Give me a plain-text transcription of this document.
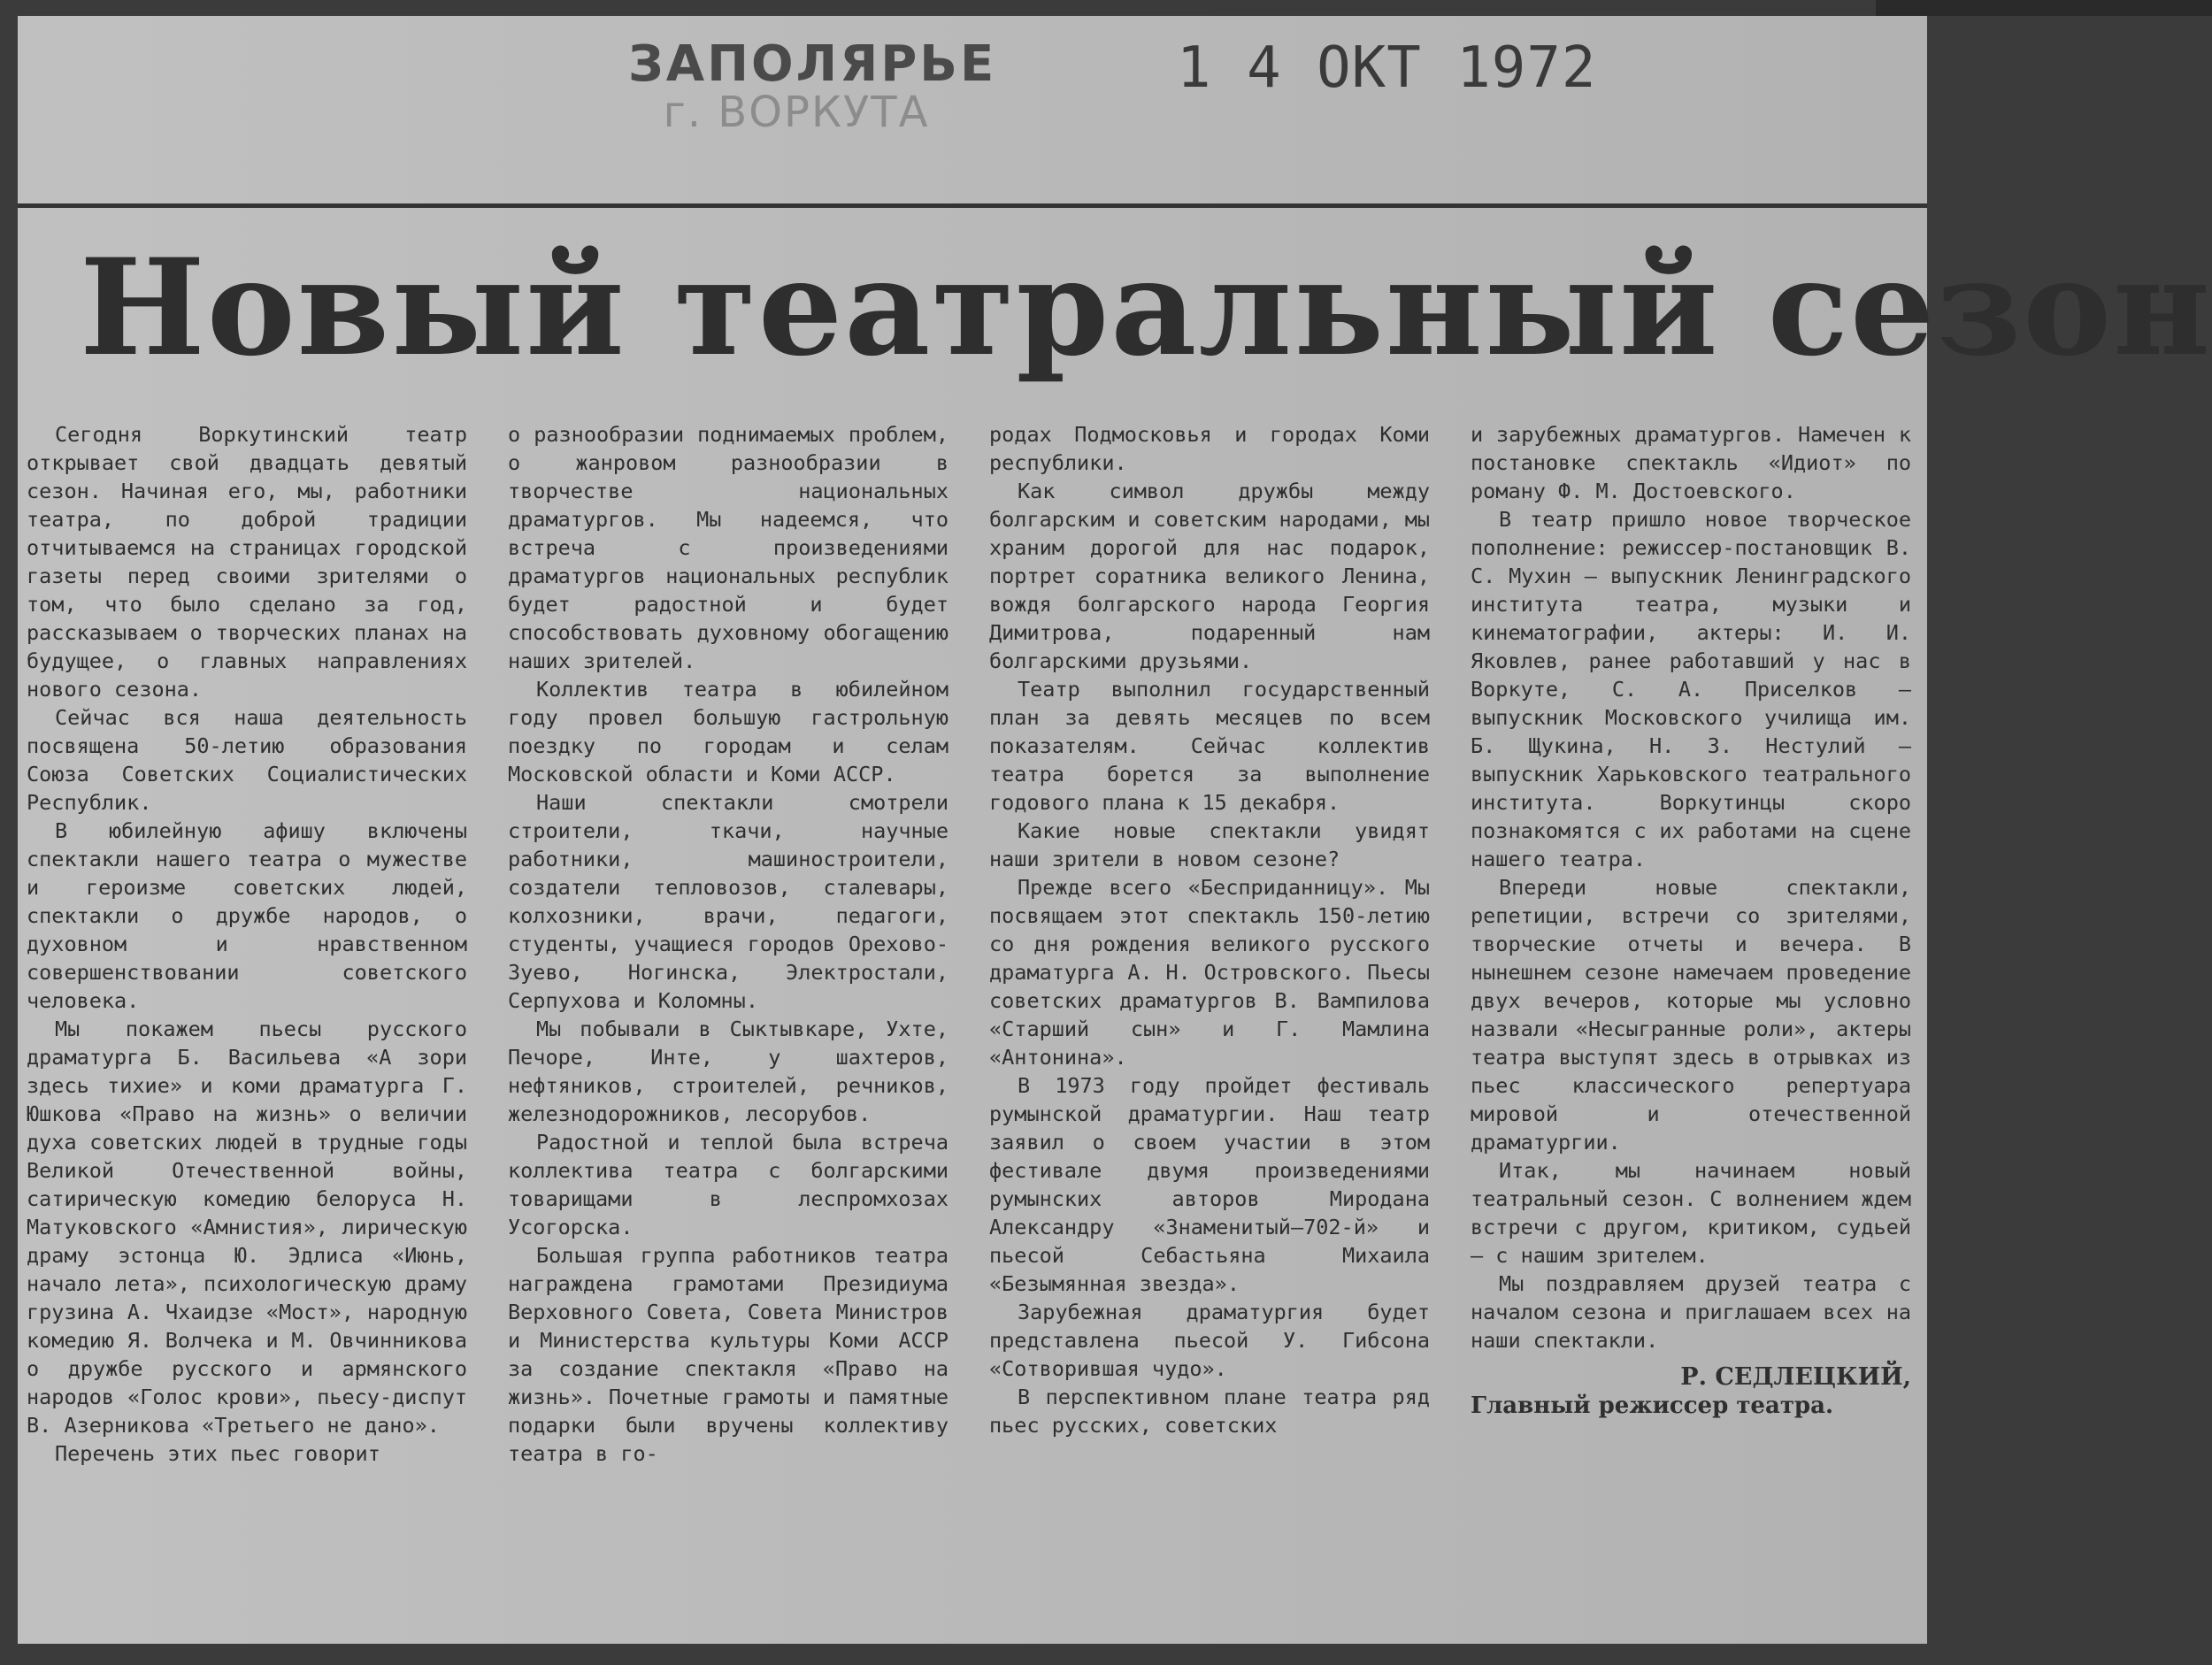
ЗАПОЛЯРЬЕ
г. ВОРКУТА
1 4 ОКТ 1972
Новый театральный сезон

Сегодня Воркутинский театр открывает свой двадцать девятый сезон. Начиная его, мы, работники театра, по доброй традиции отчитываемся на страницах городской газеты перед своими зрителями о том, что было сделано за год, рассказываем о творческих планах на будущее, о главных направлениях нового сезона.

Сейчас вся наша деятельность посвящена 50-летию образования Союза Советских Социалистических Республик.

В юбилейную афишу включены спектакли нашего театра о мужестве и героизме советских людей, спектакли о дружбе народов, о духовном и нравственном совершенствовании советского человека.

Мы покажем пьесы русского драматурга Б. Васильева «А зори здесь тихие» и коми драматурга Г. Юшкова «Право на жизнь» о величии духа советских людей в трудные годы Великой Отечественной войны, сатирическую комедию белоруса Н. Матуковского «Амнистия», лирическую драму эстонца Ю. Эдлиса «Июнь, начало лета», психологическую драму грузина А. Чхаидзе «Мост», народную комедию Я. Волчека и М. Овчинникова о дружбе русского и армянского народов «Голос крови», пьесу-диспут В. Азерникова «Третьего не дано».

Перечень этих пьес говорит

о разнообразии поднимаемых проблем, о жанровом разнообразии в творчестве национальных драматургов. Мы надеемся, что встреча с произведениями драматургов национальных республик будет радостной и будет способствовать духовному обогащению наших зрителей.

Коллектив театра в юбилейном году провел большую гастрольную поездку по городам и селам Московской области и Коми АССР.

Наши спектакли смотрели строители, ткачи, научные работники, машиностроители, создатели тепловозов, сталевары, колхозники, врачи, педагоги, студенты, учащиеся городов Орехово-Зуево, Ногинска, Электростали, Серпухова и Коломны.

Мы побывали в Сыктывкаре, Ухте, Печоре, Инте, у шахтеров, нефтяников, строителей, речников, железнодорожников, лесорубов.

Радостной и теплой была встреча коллектива театра с болгарскими товарищами в леспромхозах Усогорска.

Большая группа работников театра награждена грамотами Президиума Верховного Совета, Совета Министров и Министерства культуры Коми АССР за создание спектакля «Право на жизнь». Почетные грамоты и памятные подарки были вручены коллективу театра в го-

родах Подмосковья и городах Коми республики.

Как символ дружбы между болгарским и советским народами, мы храним дорогой для нас подарок, портрет соратника великого Ленина, вождя болгарского народа Георгия Димитрова, подаренный нам болгарскими друзьями.

Театр выполнил государственный план за девять месяцев по всем показателям. Сейчас коллектив театра борется за выполнение годового плана к 15 декабря.

Какие новые спектакли увидят наши зрители в новом сезоне?

Прежде всего «Бесприданницу». Мы посвящаем этот спектакль 150-летию со дня рождения великого русского драматурга А. Н. Островского. Пьесы советских драматургов В. Вампилова «Старший сын» и Г. Мамлина «Антонина».

В 1973 году пройдет фестиваль румынской драматургии. Наш театр заявил о своем участии в этом фестивале двумя произведениями румынских авторов Миродана Александру «Знаменитый—702-й» и пьесой Себастьяна Михаила «Безымянная звезда».

Зарубежная драматургия будет представлена пьесой У. Гибсона «Сотворившая чудо».

В перспективном плане театра ряд пьес русских, советских

и зарубежных драматургов. Намечен к постановке спектакль «Идиот» по роману Ф. М. Достоевского.

В театр пришло новое творческое пополнение: режиссер-постановщик В. С. Мухин — выпускник Ленинградского института театра, музыки и кинематографии, актеры: И. И. Яковлев, ранее работавший у нас в Воркуте, С. А. Приселков — выпускник Московского училища им. Б. Щукина, Н. З. Нестулий — выпускник Харьковского театрального института. Воркутинцы скоро познакомятся с их работами на сцене нашего театра.

Впереди новые спектакли, репетиции, встречи со зрителями, творческие отчеты и вечера. В нынешнем сезоне намечаем проведение двух вечеров, которые мы условно назвали «Несыгранные роли», актеры театра выступят здесь в отрывках из пьес классического репертуара мировой и отечественной драматургии.

Итак, мы начинаем новый театральный сезон. С волнением ждем встречи с другом, критиком, судьей — с нашим зрителем.

Мы поздравляем друзей театра с началом сезона и приглашаем всех на наши спектакли.

Р. СЕДЛЕЦКИЙ,
Главный режиссер театра.
